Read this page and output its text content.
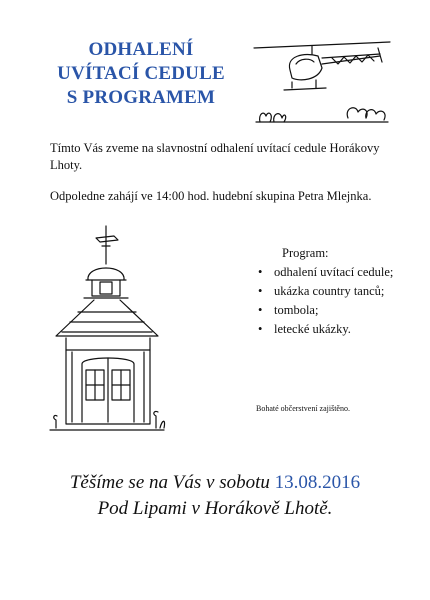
ODHALENÍ
UVÍTACÍ CEDULE
S PROGRAMEM
Tímto Vás zveme na slavnostní odhalení uvítací cedule Horákovy Lhoty.
Odpoledne zahájí ve 14:00 hod. hudební skupina Petra Mlejnka.
Program:
• odhalení uvítací cedule;
• ukázka country tanců;
• tombola;
• letecké ukázky.
Bohaté občerstvení zajištěno.
Těšíme se na Vás v sobotu 13.08.2016
Pod Lipami v Horákově Lhotě.
